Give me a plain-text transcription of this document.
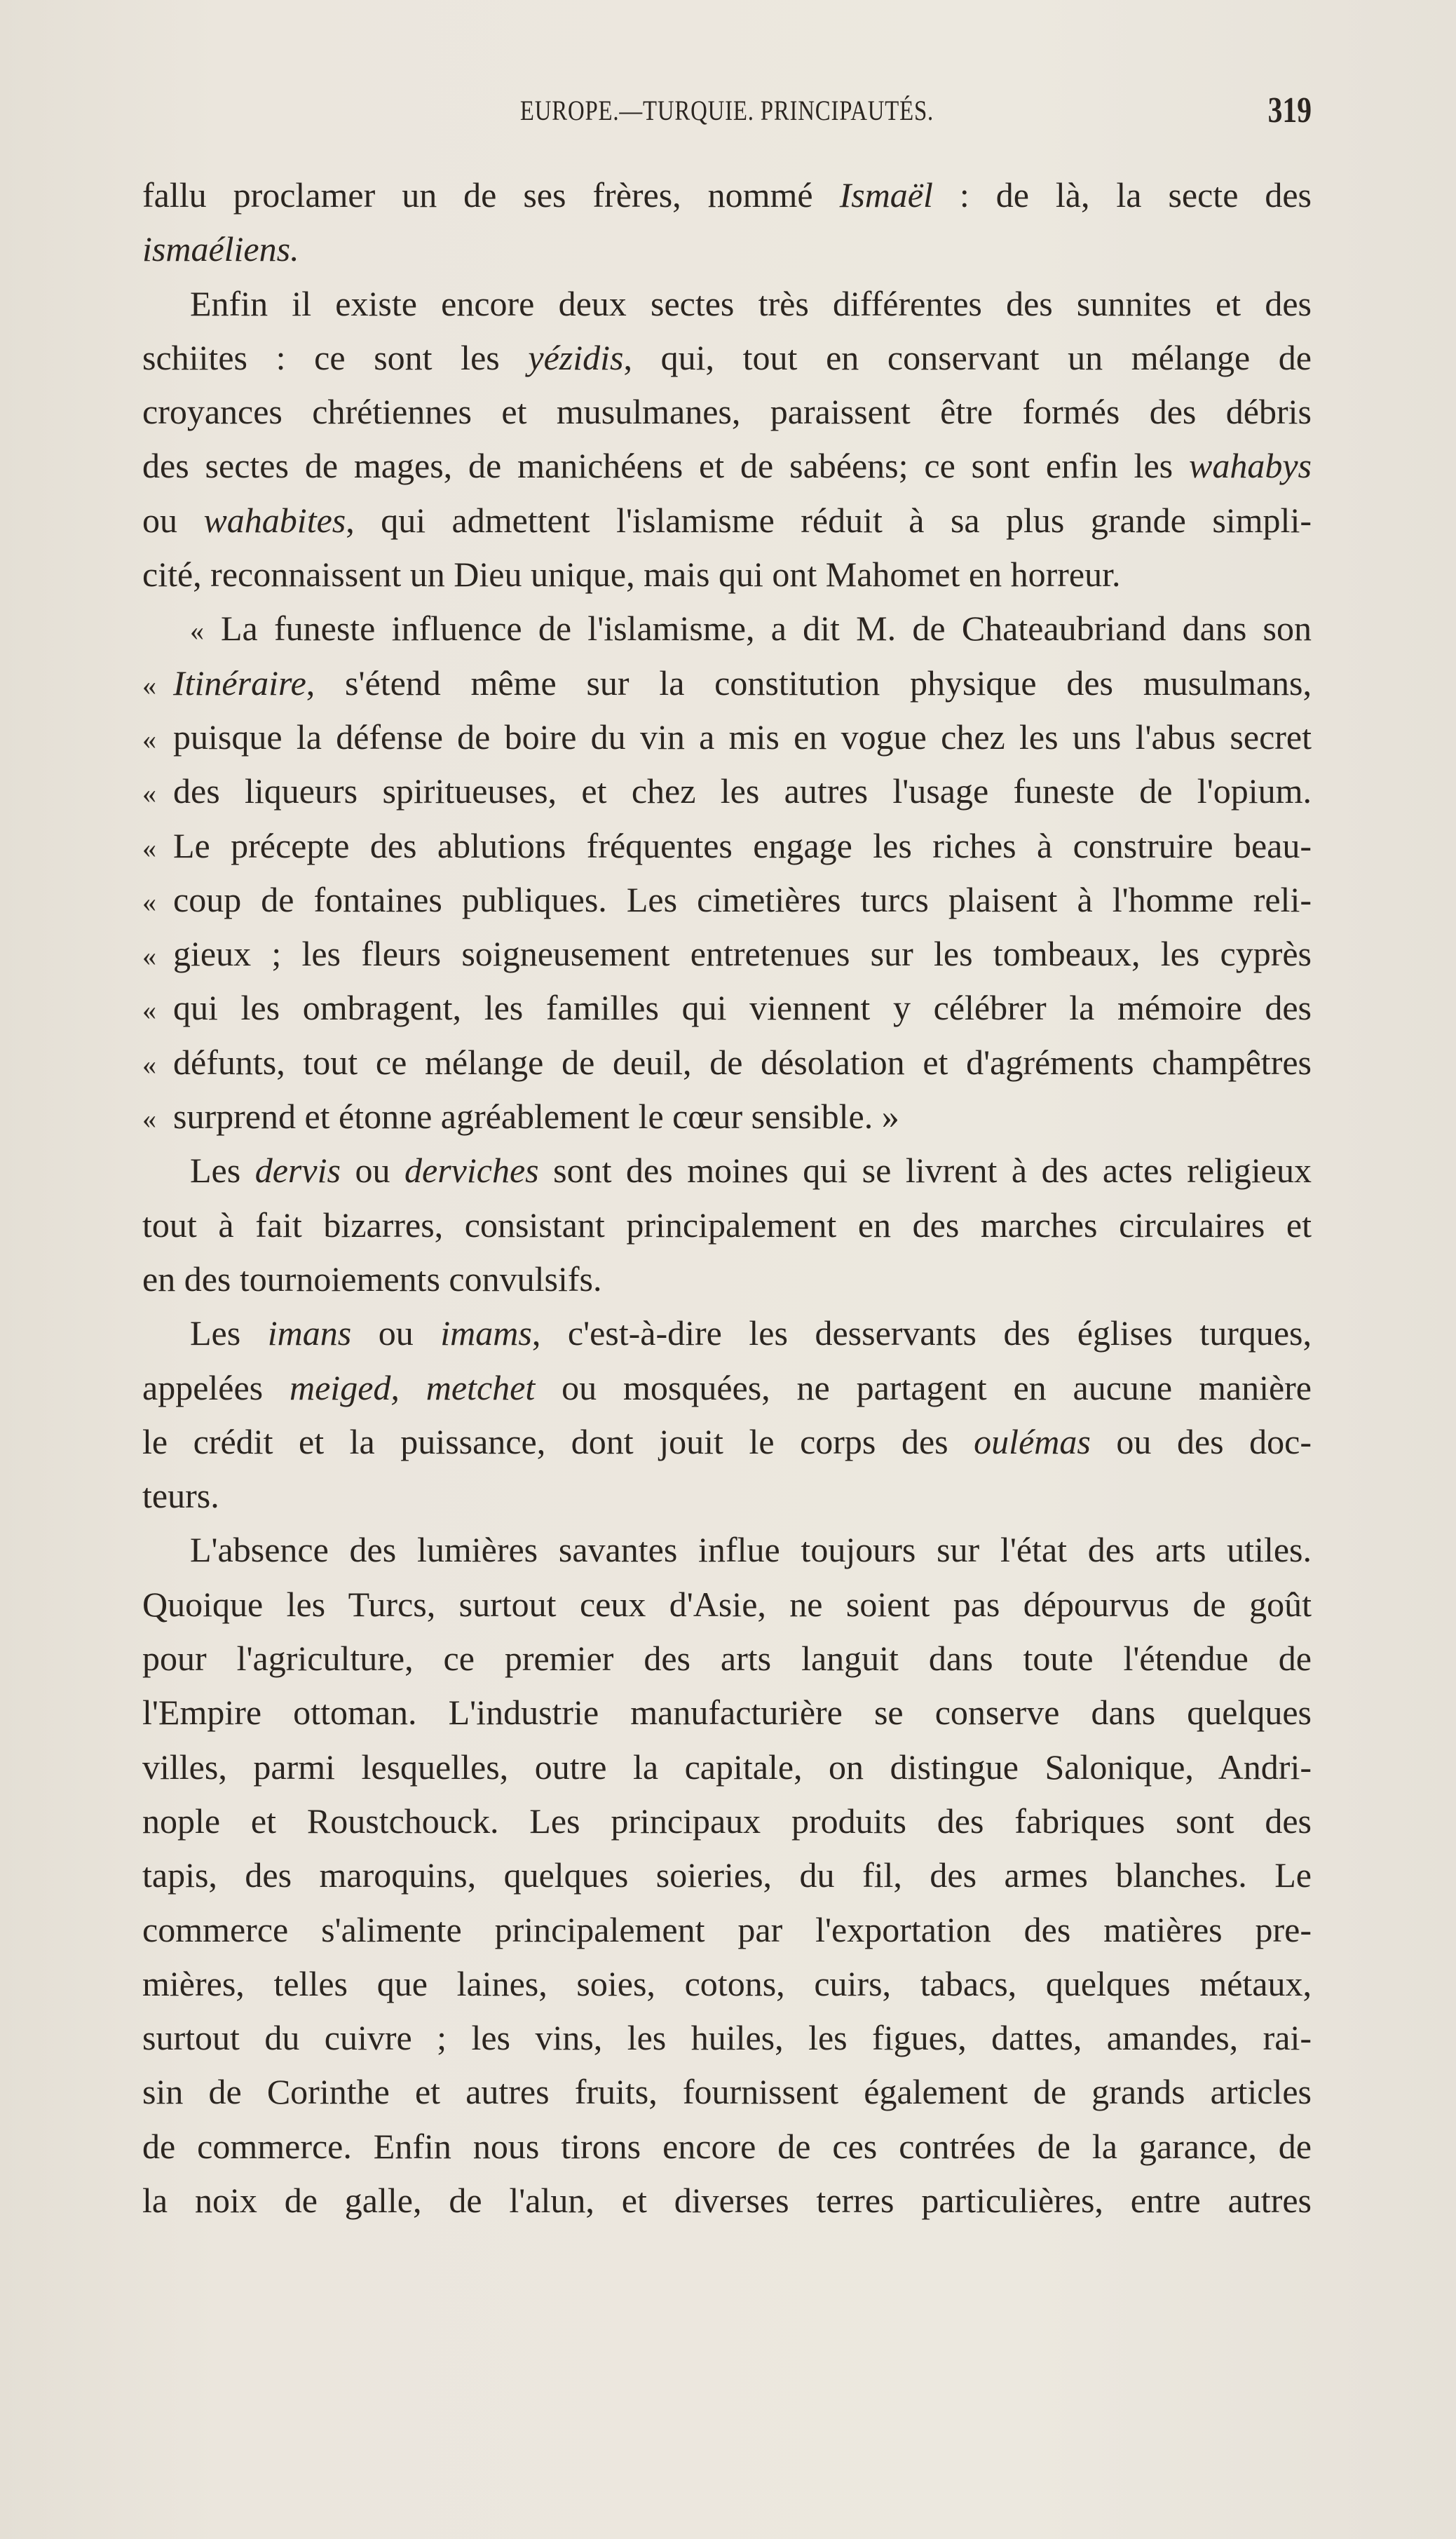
EUROPE.—TURQUIE. PRINCIPAUTÉS.	319
fallu proclamer un de ses frères, nommé Ismaël : de là, la secte des
ismaéliens.
Enfin il existe encore deux sectes très différentes des sunnites et des
schiites : ce sont les yézidis, qui, tout en conservant un mélange de
croyances chrétiennes et musulmanes, paraissent être formés des débris
des sectes de mages, de manichéens et de sabéens; ce sont enfin les wahabys
ou wahabites, qui admettent l'islamisme réduit à sa plus grande simpli-
cité, reconnaissent un Dieu unique, mais qui ont Mahomet en horreur.
« La funeste influence de l'islamisme, a dit M. de Chateaubriand dans son
« Itinéraire, s'étend même sur la constitution physique des musulmans,
« puisque la défense de boire du vin a mis en vogue chez les uns l'abus secret
« des liqueurs spiritueuses, et chez les autres l'usage funeste de l'opium.
« Le précepte des ablutions fréquentes engage les riches à construire beau-
« coup de fontaines publiques. Les cimetières turcs plaisent à l'homme reli-
« gieux ; les fleurs soigneusement entretenues sur les tombeaux, les cyprès
« qui les ombragent, les familles qui viennent y célébrer la mémoire des
« défunts, tout ce mélange de deuil, de désolation et d'agréments champêtres
« surprend et étonne agréablement le cœur sensible. »
Les dervis ou derviches sont des moines qui se livrent à des actes religieux
tout à fait bizarres, consistant principalement en des marches circulaires et
en des tournoiements convulsifs.
Les imans ou imams, c'est-à-dire les desservants des églises turques,
appelées meiged, metchet ou mosquées, ne partagent en aucune manière
le crédit et la puissance, dont jouit le corps des oulémas ou des doc-
teurs.
L'absence des lumières savantes influe toujours sur l'état des arts utiles.
Quoique les Turcs, surtout ceux d'Asie, ne soient pas dépourvus de goût
pour l'agriculture, ce premier des arts languit dans toute l'étendue de
l'Empire ottoman. L'industrie manufacturière se conserve dans quelques
villes, parmi lesquelles, outre la capitale, on distingue Salonique, Andri-
nople et Roustchouck. Les principaux produits des fabriques sont des
tapis, des maroquins, quelques soieries, du fil, des armes blanches. Le
commerce s'alimente principalement par l'exportation des matières pre-
mières, telles que laines, soies, cotons, cuirs, tabacs, quelques métaux,
surtout du cuivre ; les vins, les huiles, les figues, dattes, amandes, rai-
sin de Corinthe et autres fruits, fournissent également de grands articles
de commerce. Enfin nous tirons encore de ces contrées de la garance, de
la noix de galle, de l'alun, et diverses terres particulières, entre autres
